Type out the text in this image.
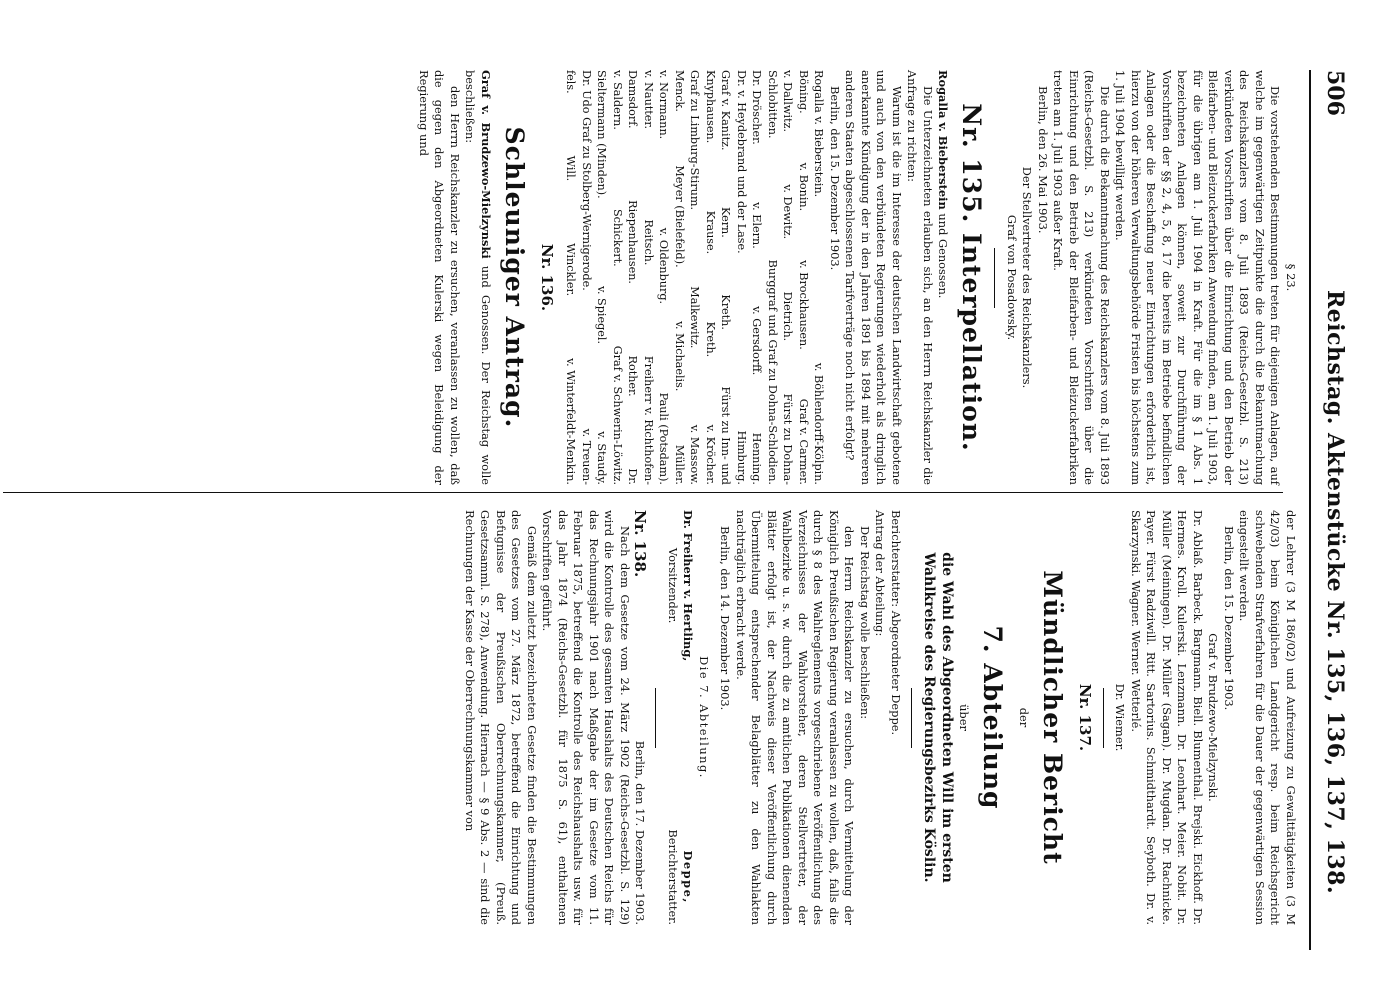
506
Reichstag. Aktenstücke Nr. 135, 136, 137, 138.

§ 23.

Die vorstehenden Bestimmungen treten für diejenigen Anlagen, auf welche im gegenwärtigen Zeitpunkte die durch die Bekanntmachung des Reichskanzlers vom 8. Juli 1893 (Reichs-Gesetzbl. S. 213) verkündeten Vorschriften über die Einrichtung und den Betrieb der Bleifarben- und Bleizuckerfabriken Anwendung finden, am 1. Juli 1903, für die übrigen am 1. Juli 1904 in Kraft. Für die im § 1 Abs. 1 bezeichneten Anlagen können, soweit zur Durchführung der Vorschriften der §§ 2, 4, 5, 8, 17 die bereits im Betriebe befindlichen Anlagen oder die Beschaffung neuer Einrichtungen erforderlich ist, hierzu von der höheren Verwaltungsbehörde Fristen bis höchstens zum 1. Juli 1904 bewilligt werden.

Die durch die Bekanntmachung des Reichskanzlers vom 8. Juli 1893 (Reichs-Gesetzbl. S. 213) verkündeten Vorschriften über die Einrichtung und den Betrieb der Bleifarben- und Bleizuckerfabriken treten am 1. Juli 1903 außer Kraft.

Berlin, den 26. Mai 1903.

Der Stellvertreter des Reichskanzlers.

Graf von Posadowsky.

Nr. 135. Interpellation.

Rogalla v. Bieberstein und Genossen.

Die Unterzeichneten erlauben sich, an den Herrn Reichskanzler die Anfrage zu richten:

Warum ist die im Interesse der deutschen Landwirtschaft gebotene und auch von den verbündeten Regierungen wiederholt als dringlich anerkannte Kündigung der in den Jahren 1891 bis 1894 mit mehreren anderen Staaten abgeschlossenen Tarifverträge noch nicht erfolgt?

Berlin, den 15. Dezember 1903.

Rogalla v. Bieberstein.
v. Böhlendorff-Kölpin.
Böning.
v. Bonin.
v. Brockhausen.
Graf v. Carmer.
v. Dallwitz.
v. Dewitz.
Dietrich.
Fürst zu Dohna-
Schlobitten.
Burggraf und Graf zu Dohna-Schlodien.
Dr. Dröscher.
v. Elern.
v. Gersdorff.
Henning.
Dr. v. Heydebrand und der Lase.
Himburg.
Graf v. Kanitz.
Kern.
Kreth.
Fürst zu Inn- und
Knyphausen.
Krause.
Kreth.
v. Kröcher.
Graf zu Limburg-Stirum.
Malkewitz.
v. Massow.
Menck.
Meyer (Bielefeld).
v. Michaelis.
Müller.
v. Normann.
v. Oldenburg.
Pauli (Potsdam).
v. Nautter.
Reitsch.
Freiherr v. Richthofen-
Damsdorf.
Riepenhausen.
Rother.
Dr.
v. Saldern.
Schickert.
Graf v. Schwerin-Löwitz.
Sieltermann (Minden).
v. Spiegel.
v. Staudy.
Dr. Udo Graf zu Stolberg-Wernigerode.
v. Treuen-
fels.
Will.
Winckler.
v. Winterfeldt-Menkin.
Nr. 136.
Schleuniger Antrag.

Graf v. Brudzewo-Mielzynski und Genossen. Der Reichstag wolle beschließen:

den Herrn Reichskanzler zu ersuchen, veranlassen zu wollen, daß die gegen den Abgeordneten Kulerski wegen Beleidigung der Regierung und

der Lehrer (3 M 186/02) und Aufreizung zu Gewalttätigkeiten (3 M 42/03) beim Königlichen Landgericht resp. beim Reichsgericht schwebenden Strafverfahren für die Dauer der gegenwärtigen Session eingestellt werden.

Berlin, den 15. Dezember 1903.

Graf v. Brudzewo-Mielzynski.

Dr. Ablaß. Barbeck. Bargmann. Biell. Blumenthal. Brejski. Eickhoff. Dr. Hermes. Kroll. Kulerski. Lenzmann. Dr. Leonhart. Meier. Nobit. Dr. Müller (Meiningen). Dr. Müller (Sagan). Dr. Mugdan. Dr. Rachnicke. Payer. Fürst Radziwill. Ritt. Sartorius. Schmidthardt. Seyboth. Dr. v. Skarzynski. Wagner. Werner. Wetterlé.

Dr. Wiemer.

Nr. 137.
Mündlicher Bericht

der

7. Abteilung

über

die Wahl des Abgeordneten Will im ersten Wahlkreise des Regierungsbezirks Köslin.

Berichterstatter: Abgeordneter Deppe.

Antrag der Abteilung:

Der Reichstag wolle beschließen:

den Herrn Reichskanzler zu ersuchen, durch Vermittelung der Königlich Preußischen Regierung veranlassen zu wollen, daß, falls die durch § 8 des Wahlreglements vorgeschriebene Veröffentlichung des Verzeichnisses der Wahlvorsteher, deren Stellvertreter, der Wahlbezirke u. s. w. durch die zu amtlichen Publikationen dienenden Blätter erfolgt ist, der Nachweis dieser Veröffentlichung durch Übermittelung entsprechender Belagblätter zu den Wahlakten nachträglich erbracht werde.

Berlin, den 14. Dezember 1903.

Die 7. Abteilung.

Dr. Freiherr v. Hertling,

Vorsitzender.

Deppe,

Berichterstatter.

Nr. 138.
Berlin, den 17. Dezember 1903.

Nach dem Gesetze vom 24. März 1902 (Reichs-Gesetzbl. S. 129) wird die Kontrolle des gesamten Haushalts des Deutschen Reichs für das Rechnungsjahr 1901 nach Maßgabe der im Gesetze vom 11. Februar 1875, betreffend die Kontrolle des Reichshaushalts usw. für das Jahr 1874 (Reichs-Gesetzbl. für 1875 S. 61), enthaltenen Vorschriften geführt.

Gemäß dem zuletzt bezeichneten Gesetze finden die Bestimmungen des Gesetzes vom 27. März 1872, betreffend die Einrichtung und Befugnisse der Preußischen Oberrechnungskammer, (Preuß. Gesetzsamml. S. 278), Anwendung. Hiernach — § 9 Abs. 2 — sind die Rechnungen der Kasse der Oberrechnungskammer von
